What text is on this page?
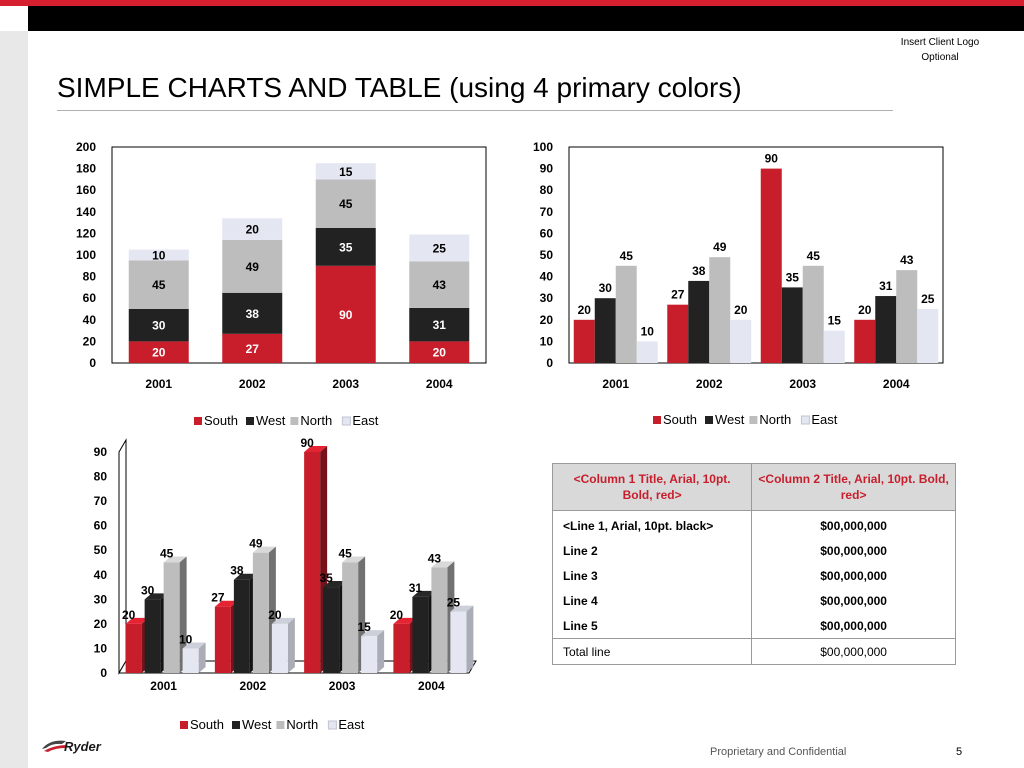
Insert Client Logo
Optional
SIMPLE CHARTS AND TABLE (using 4 primary colors)
0
20
40
60
80
100
120
140
160
180
200
2001
20
30
45
10
2002
27
38
49
20
2003
90
35
45
15
2004
20
31
43
25
South West North East
0
10
20
30
40
50
60
70
80
90
100
2001
20
30
45
10
2002
27
38
49
20
2003
90
35
45
15
2004
20
31
43
25
South West North East
0
10
20
30
40
50
60
70
80
90
2001
20
30
45
10
2002
27
38
49
20
2003
90
35
45
15
2004
20
31
43
25
South West North East
<Column 1 Title, Arial, 10pt. Bold, red>	<Column 2 Title, Arial, 10pt. Bold, red>
<Line 1, Arial, 10pt. black>	$00,000,000
Line 2	$00,000,000
Line 3	$00,000,000
Line 4	$00,000,000
Line 5	$00,000,000
Total line	$00,000,000
Ryder	Proprietary and Confidential	5
